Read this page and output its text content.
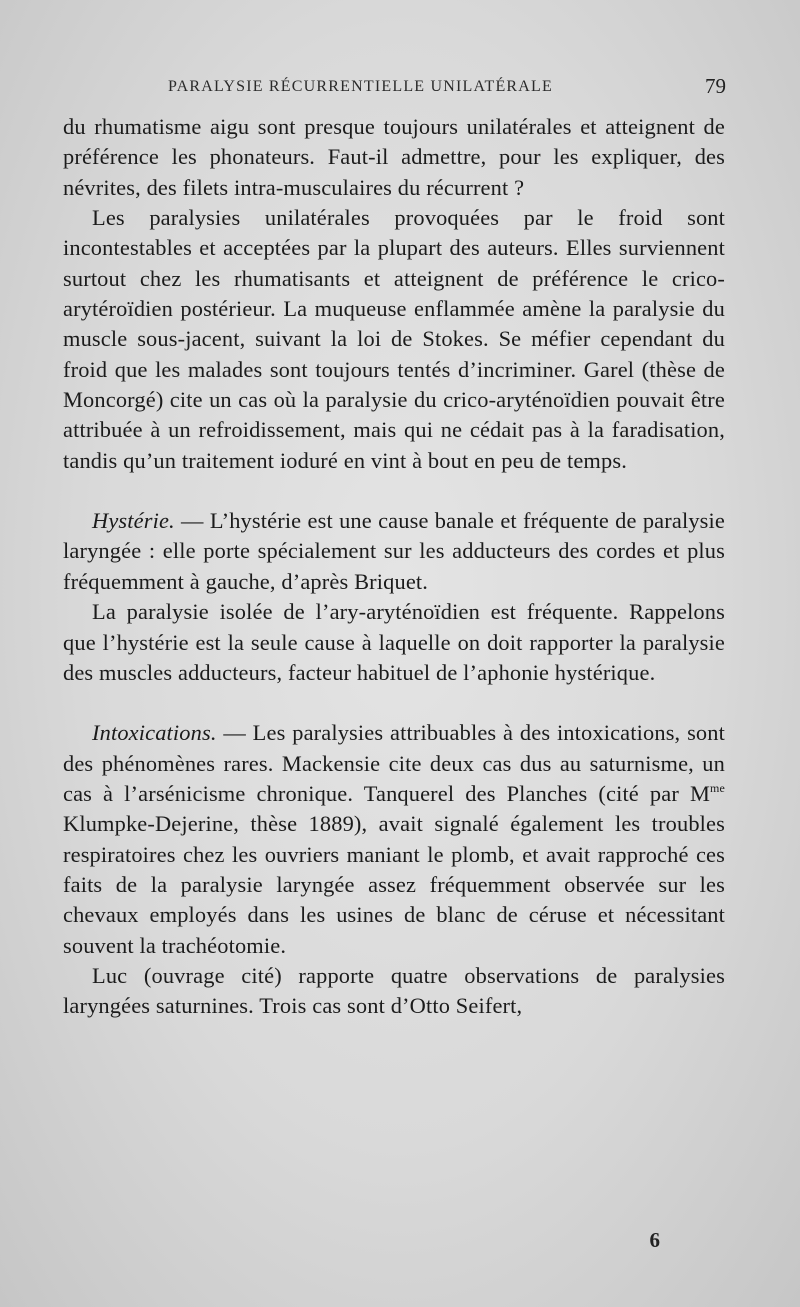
PARALYSIE RÉCURRENTIELLE UNILATÉRALE	79

du rhumatisme aigu sont presque toujours unilatérales et atteignent de préférence les phonateurs. Faut-il admettre, pour les expliquer, des névrites, des filets intra-musculaires du récurrent ?

Les paralysies unilatérales provoquées par le froid sont incontestables et acceptées par la plupart des auteurs. Elles surviennent surtout chez les rhumatisants et atteignent de préférence le crico-arytéroïdien postérieur. La muqueuse enflammée amène la paralysie du muscle sous-jacent, suivant la loi de Stokes. Se méfier cependant du froid que les malades sont toujours tentés d’incriminer. Garel (thèse de Moncorgé) cite un cas où la paralysie du crico-aryténoïdien pouvait être attribuée à un refroidissement, mais qui ne cédait pas à la faradisation, tandis qu’un traitement ioduré en vint à bout en peu de temps.

Hystérie. — L’hystérie est une cause banale et fréquente de paralysie laryngée : elle porte spécialement sur les adducteurs des cordes et plus fréquemment à gauche, d’après Briquet.

La paralysie isolée de l’ary-aryténoïdien est fréquente. Rappelons que l’hystérie est la seule cause à laquelle on doit rapporter la paralysie des muscles adducteurs, facteur habituel de l’aphonie hystérique.

Intoxications. — Les paralysies attribuables à des intoxications, sont des phénomènes rares. Mackensie cite deux cas dus au saturnisme, un cas à l’arsénicisme chronique. Tanquerel des Planches (cité par $M^{me}$ Klumpke-Dejerine, thèse 1889), avait signalé également les troubles respiratoires chez les ouvriers maniant le plomb, et avait rapproché ces faits de la paralysie laryngée assez fréquemment observée sur les chevaux employés dans les usines de blanc de céruse et nécessitant souvent la trachéotomie.

Luc (ouvrage cité) rapporte quatre observations de paralysies laryngées saturnines. Trois cas sont d’Otto Seifert,

6
